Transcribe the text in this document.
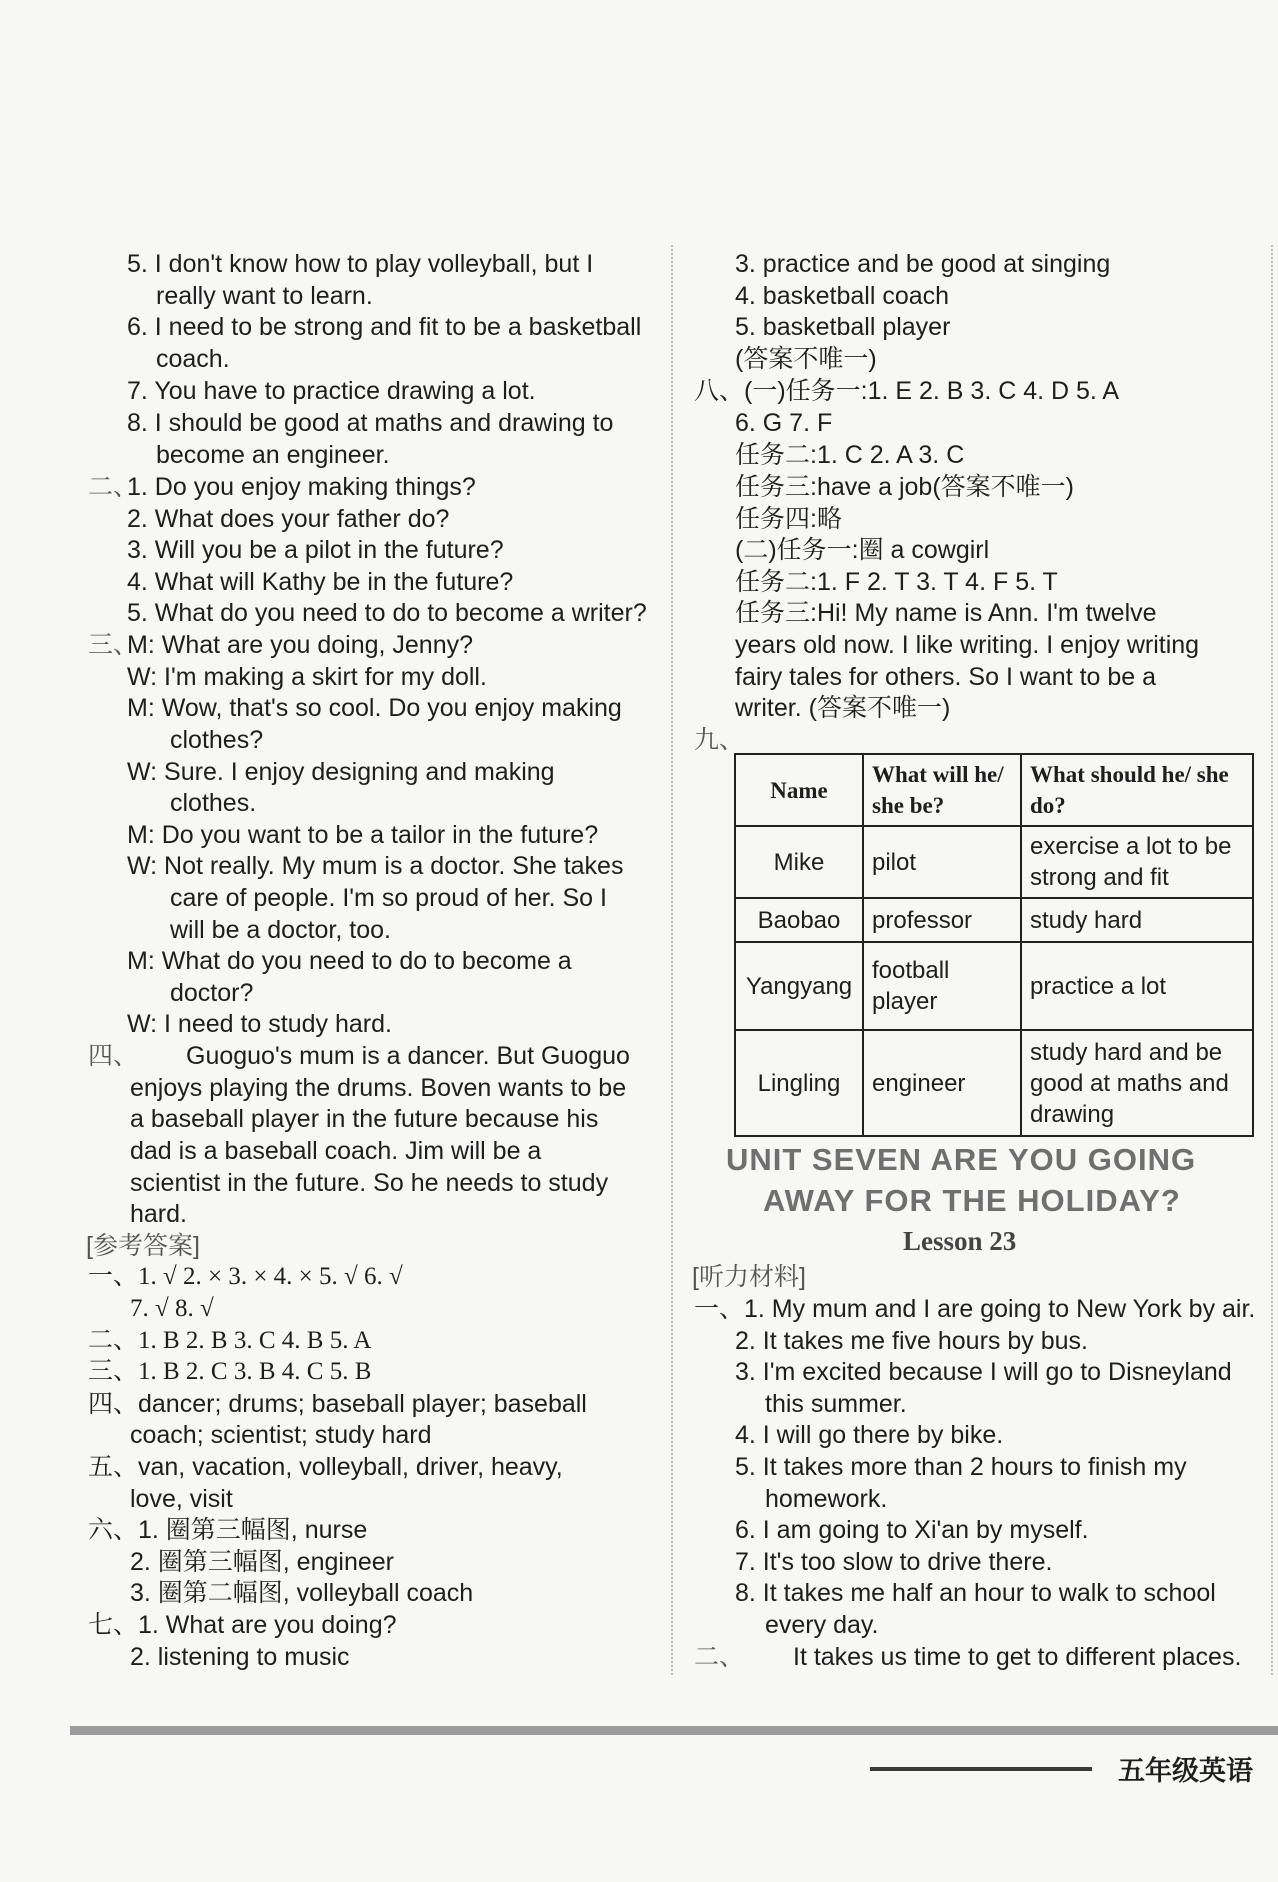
5. I don't know how to play volleyball, but I
really want to learn.
6. I need to be strong and fit to be a basketball
coach.
7. You have to practice drawing a lot.
8. I should be good at maths and drawing to
become an engineer.
二、
1. Do you enjoy making things?
2. What does your father do?
3. Will you be a pilot in the future?
4. What will Kathy be in the future?
5. What do you need to do to become a writer?
三、
M: What are you doing, Jenny?
W: I'm making a skirt for my doll.
M: Wow, that's so cool. Do you enjoy making
clothes?
W: Sure. I enjoy designing and making
clothes.
M: Do you want to be a tailor in the future?
W: Not really. My mum is a doctor. She takes
care of people. I'm so proud of her. So I
will be a doctor, too.
M: What do you need to do to become a
doctor?
W: I need to study hard.
四、 Guoguo's mum is a dancer. But Guoguo
enjoys playing the drums. Boven wants to be
a baseball player in the future because his
dad is a baseball coach. Jim will be a
scientist in the future. So he needs to study
hard.
[参考答案]
一、1. √ 2. × 3. × 4. × 5. √ 6. √
7. √ 8. √
二、1. B 2. B 3. C 4. B 5. A
三、1. B 2. C 3. B 4. C 5. B
四、dancer; drums; baseball player; baseball
coach; scientist; study hard
五、van, vacation, volleyball, driver, heavy,
love, visit
六、1. 圈第三幅图, nurse
2. 圈第三幅图, engineer
3. 圈第二幅图, volleyball coach
七、1. What are you doing?
2. listening to music
3. practice and be good at singing
4. basketball coach
5. basketball player
(答案不唯一)
八、(一)任务一:1. E 2. B 3. C 4. D 5. A
6. G 7. F
任务二:1. C 2. A 3. C
任务三:have a job(答案不唯一)
任务四:略
(二)任务一:圈 a cowgirl
任务二:1. F 2. T 3. T 4. F 5. T
任务三:Hi! My name is Ann. I'm twelve
years old now. I like writing. I enjoy writing
fairy tales for others. So I want to be a
writer. (答案不唯一)
九、
Name	What will he/ she be?	What should he/ she do?
Mike	pilot	exercise a lot to be strong and fit
Baobao	professor	study hard
Yangyang	football player	practice a lot
Lingling	engineer	study hard and be good at maths and drawing
UNIT SEVEN ARE YOU GOING
AWAY FOR THE HOLIDAY?
Lesson 23
[听力材料]
一、1. My mum and I are going to New York by air.
2. It takes me five hours by bus.
3. I'm excited because I will go to Disneyland
this summer.
4. I will go there by bike.
5. It takes more than 2 hours to finish my
homework.
6. I am going to Xi'an by myself.
7. It's too slow to drive there.
8. It takes me half an hour to walk to school
every day.
二、 It takes us time to get to different places.
五年级英语
